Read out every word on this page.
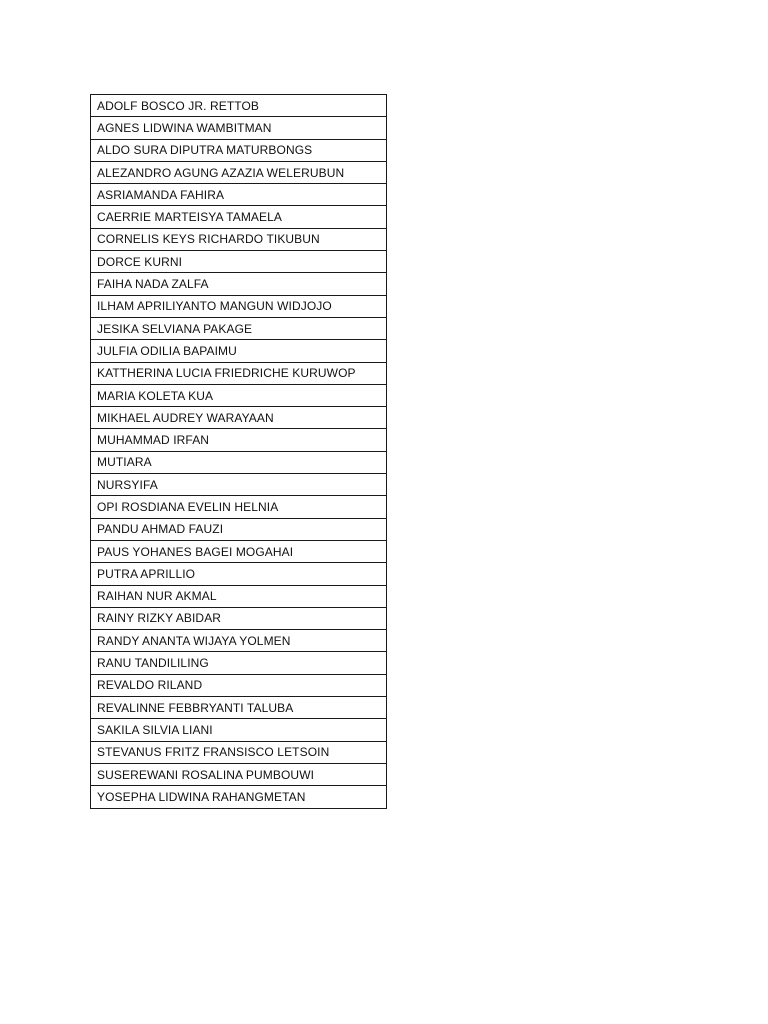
ADOLF BOSCO JR. RETTOB
AGNES LIDWINA WAMBITMAN
ALDO SURA DIPUTRA MATURBONGS
ALEZANDRO AGUNG AZAZIA WELERUBUN
ASRIAMANDA FAHIRA
CAERRIE MARTEISYA TAMAELA
CORNELIS KEYS RICHARDO TIKUBUN
DORCE KURNI
FAIHA NADA ZALFA
ILHAM APRILIYANTO MANGUN WIDJOJO
JESIKA SELVIANA PAKAGE
JULFIA ODILIA BAPAIMU
KATTHERINA LUCIA FRIEDRICHE KURUWOP
MARIA KOLETA KUA
MIKHAEL AUDREY WARAYAAN
MUHAMMAD IRFAN
MUTIARA
NURSYIFA
OPI ROSDIANA EVELIN HELNIA
PANDU AHMAD FAUZI
PAUS YOHANES BAGEI MOGAHAI
PUTRA APRILLIO
RAIHAN NUR AKMAL
RAINY RIZKY ABIDAR
RANDY ANANTA WIJAYA YOLMEN
RANU TANDILILING
REVALDO RILAND
REVALINNE FEBBRYANTI TALUBA
SAKILA SILVIA LIANI
STEVANUS FRITZ FRANSISCO LETSOIN
SUSEREWANI ROSALINA PUMBOUWI
YOSEPHA LIDWINA RAHANGMETAN
